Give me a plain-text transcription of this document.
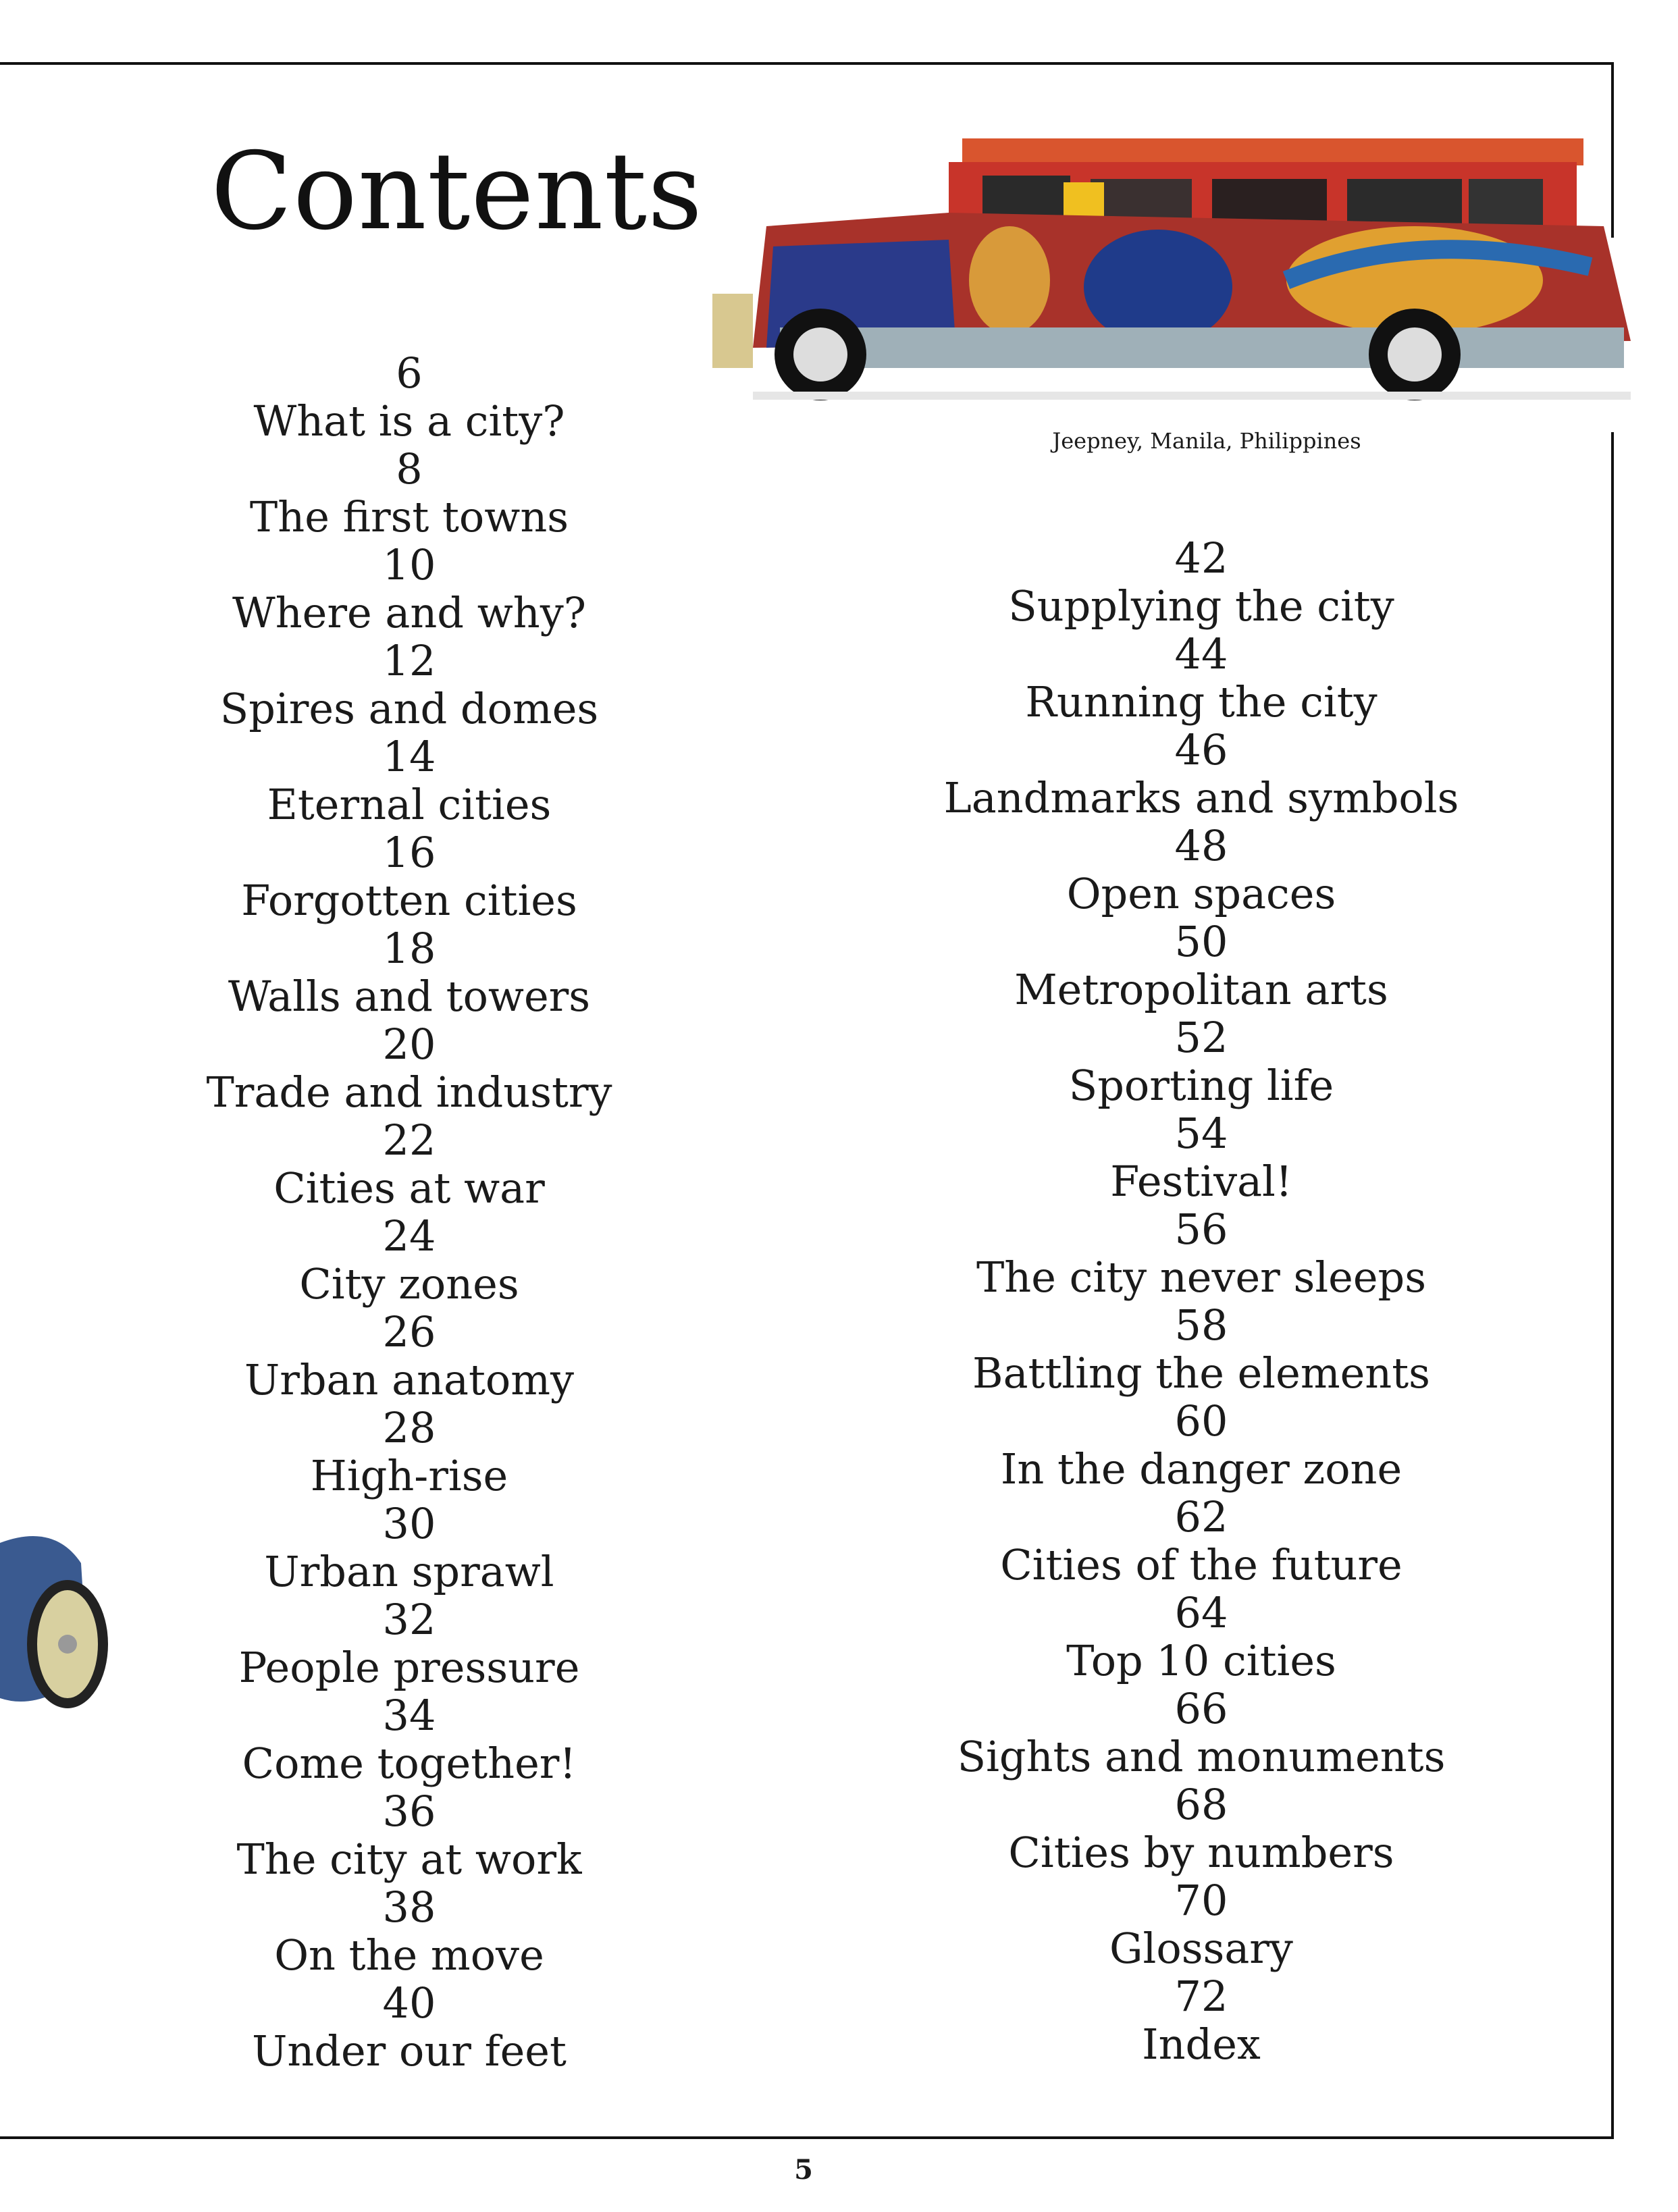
Contents
Jeepney, Manila, Philippines
6
What is a city?
8
The first towns
10
Where and why?
12
Spires and domes
14
Eternal cities
16
Forgotten cities
18
Walls and towers
20
Trade and industry
22
Cities at war
24
City zones
26
Urban anatomy
28
High-rise
30
Urban sprawl
32
People pressure
34
Come together!
36
The city at work
38
On the move
40
Under our feet
42
Supplying the city
44
Running the city
46
Landmarks and symbols
48
Open spaces
50
Metropolitan arts
52
Sporting life
54
Festival!
56
The city never sleeps
58
Battling the elements
60
In the danger zone
62
Cities of the future
64
Top 10 cities
66
Sights and monuments
68
Cities by numbers
70
Glossary
72
Index
5
